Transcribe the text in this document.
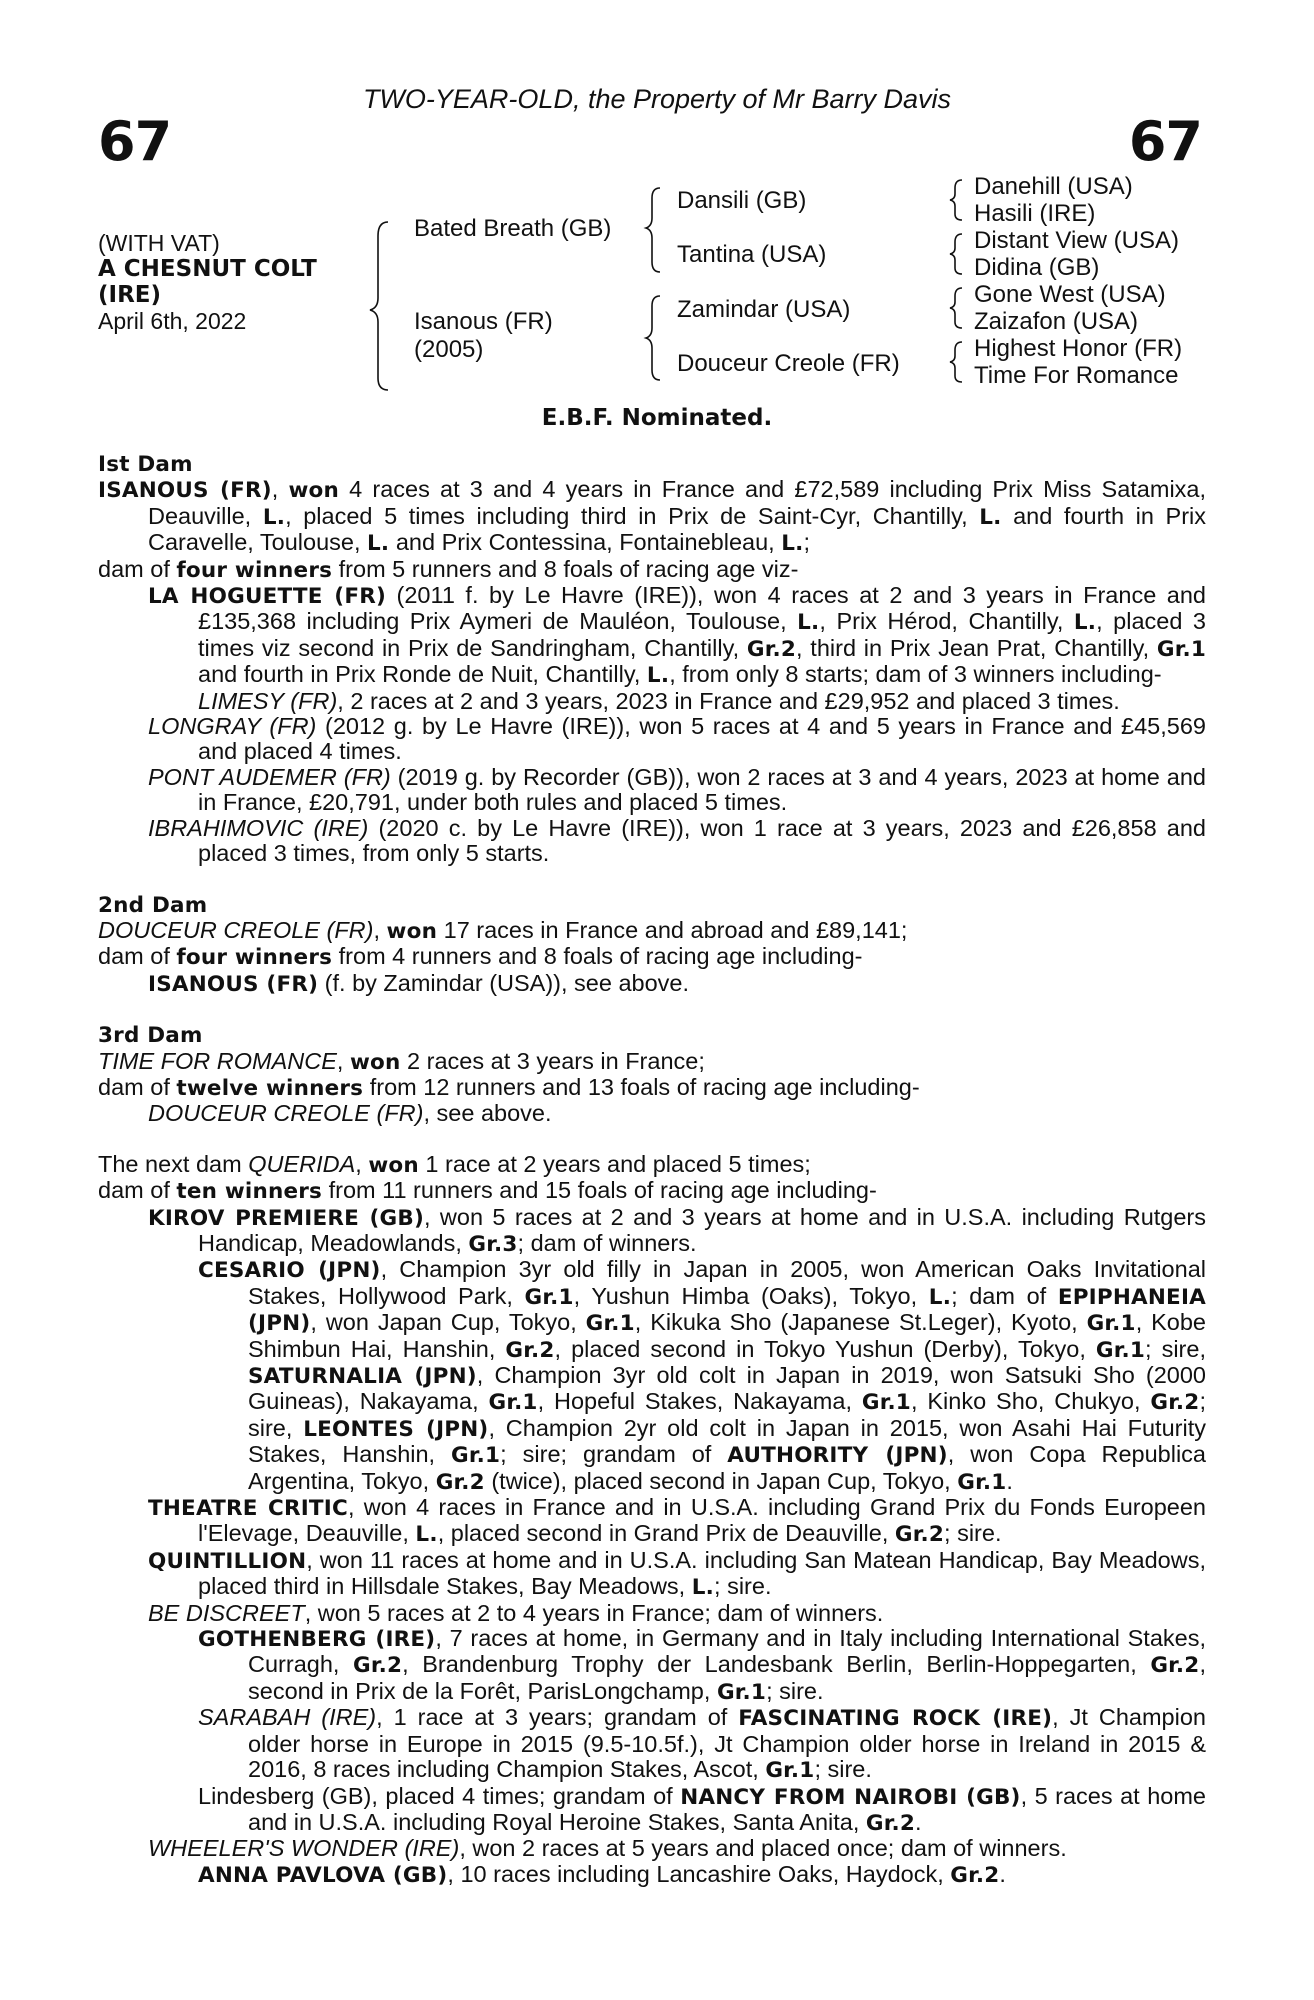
TWO-YEAR-OLD, the Property of Mr Barry Davis
67	67
(WITH VAT)
A CHESNUT COLT
(IRE)
April 6th, 2022
Bated Breath (GB)
Isanous (FR)
(2005)
Dansili (GB)
Tantina (USA)
Zamindar (USA)
Douceur Creole (FR)
Danehill (USA)
Hasili (IRE)
Distant View (USA)
Didina (GB)
Gone West (USA)
Zaizafon (USA)
Highest Honor (FR)
Time For Romance
E.B.F. Nominated.
Ist Dam
ISANOUS (FR), won 4 races at 3 and 4 years in France and £72,589 including Prix Miss Satamixa, Deauville, L., placed 5 times including third in Prix de Saint-Cyr, Chantilly, L. and fourth in Prix Caravelle, Toulouse, L. and Prix Contessina, Fontainebleau, L.;
dam of four winners from 5 runners and 8 foals of racing age viz-
LA HOGUETTE (FR) (2011 f. by Le Havre (IRE)), won 4 races at 2 and 3 years in France and £135,368 including Prix Aymeri de Mauléon, Toulouse, L., Prix Hérod, Chantilly, L., placed 3 times viz second in Prix de Sandringham, Chantilly, Gr.2, third in Prix Jean Prat, Chantilly, Gr.1 and fourth in Prix Ronde de Nuit, Chantilly, L., from only 8 starts; dam of 3 winners including-
LIMESY (FR), 2 races at 2 and 3 years, 2023 in France and £29,952 and placed 3 times.
LONGRAY (FR) (2012 g. by Le Havre (IRE)), won 5 races at 4 and 5 years in France and £45,569 and placed 4 times.
PONT AUDEMER (FR) (2019 g. by Recorder (GB)), won 2 races at 3 and 4 years, 2023 at home and in France, £20,791, under both rules and placed 5 times.
IBRAHIMOVIC (IRE) (2020 c. by Le Havre (IRE)), won 1 race at 3 years, 2023 and £26,858 and placed 3 times, from only 5 starts.
2nd Dam
DOUCEUR CREOLE (FR), won 17 races in France and abroad and £89,141;
dam of four winners from 4 runners and 8 foals of racing age including-
ISANOUS (FR) (f. by Zamindar (USA)), see above.
3rd Dam
TIME FOR ROMANCE, won 2 races at 3 years in France;
dam of twelve winners from 12 runners and 13 foals of racing age including-
DOUCEUR CREOLE (FR), see above.
The next dam QUERIDA, won 1 race at 2 years and placed 5 times;
dam of ten winners from 11 runners and 15 foals of racing age including-
KIROV PREMIERE (GB), won 5 races at 2 and 3 years at home and in U.S.A. including Rutgers Handicap, Meadowlands, Gr.3; dam of winners.
CESARIO (JPN), Champion 3yr old filly in Japan in 2005, won American Oaks Invitational Stakes, Hollywood Park, Gr.1, Yushun Himba (Oaks), Tokyo, L.; dam of EPIPHANEIA (JPN), won Japan Cup, Tokyo, Gr.1, Kikuka Sho (Japanese St.Leger), Kyoto, Gr.1, Kobe Shimbun Hai, Hanshin, Gr.2, placed second in Tokyo Yushun (Derby), Tokyo, Gr.1; sire, SATURNALIA (JPN), Champion 3yr old colt in Japan in 2019, won Satsuki Sho (2000 Guineas), Nakayama, Gr.1, Hopeful Stakes, Nakayama, Gr.1, Kinko Sho, Chukyo, Gr.2; sire, LEONTES (JPN), Champion 2yr old colt in Japan in 2015, won Asahi Hai Futurity Stakes, Hanshin, Gr.1; sire; grandam of AUTHORITY (JPN), won Copa Republica Argentina, Tokyo, Gr.2 (twice), placed second in Japan Cup, Tokyo, Gr.1.
THEATRE CRITIC, won 4 races in France and in U.S.A. including Grand Prix du Fonds Europeen l'Elevage, Deauville, L., placed second in Grand Prix de Deauville, Gr.2; sire.
QUINTILLION, won 11 races at home and in U.S.A. including San Matean Handicap, Bay Meadows, placed third in Hillsdale Stakes, Bay Meadows, L.; sire.
BE DISCREET, won 5 races at 2 to 4 years in France; dam of winners.
GOTHENBERG (IRE), 7 races at home, in Germany and in Italy including International Stakes, Curragh, Gr.2, Brandenburg Trophy der Landesbank Berlin, Berlin-Hoppegarten, Gr.2, second in Prix de la Forêt, ParisLongchamp, Gr.1; sire.
SARABAH (IRE), 1 race at 3 years; grandam of FASCINATING ROCK (IRE), Jt Champion older horse in Europe in 2015 (9.5-10.5f.), Jt Champion older horse in Ireland in 2015 & 2016, 8 races including Champion Stakes, Ascot, Gr.1; sire.
Lindesberg (GB), placed 4 times; grandam of NANCY FROM NAIROBI (GB), 5 races at home and in U.S.A. including Royal Heroine Stakes, Santa Anita, Gr.2.
WHEELER'S WONDER (IRE), won 2 races at 5 years and placed once; dam of winners.
ANNA PAVLOVA (GB), 10 races including Lancashire Oaks, Haydock, Gr.2.
